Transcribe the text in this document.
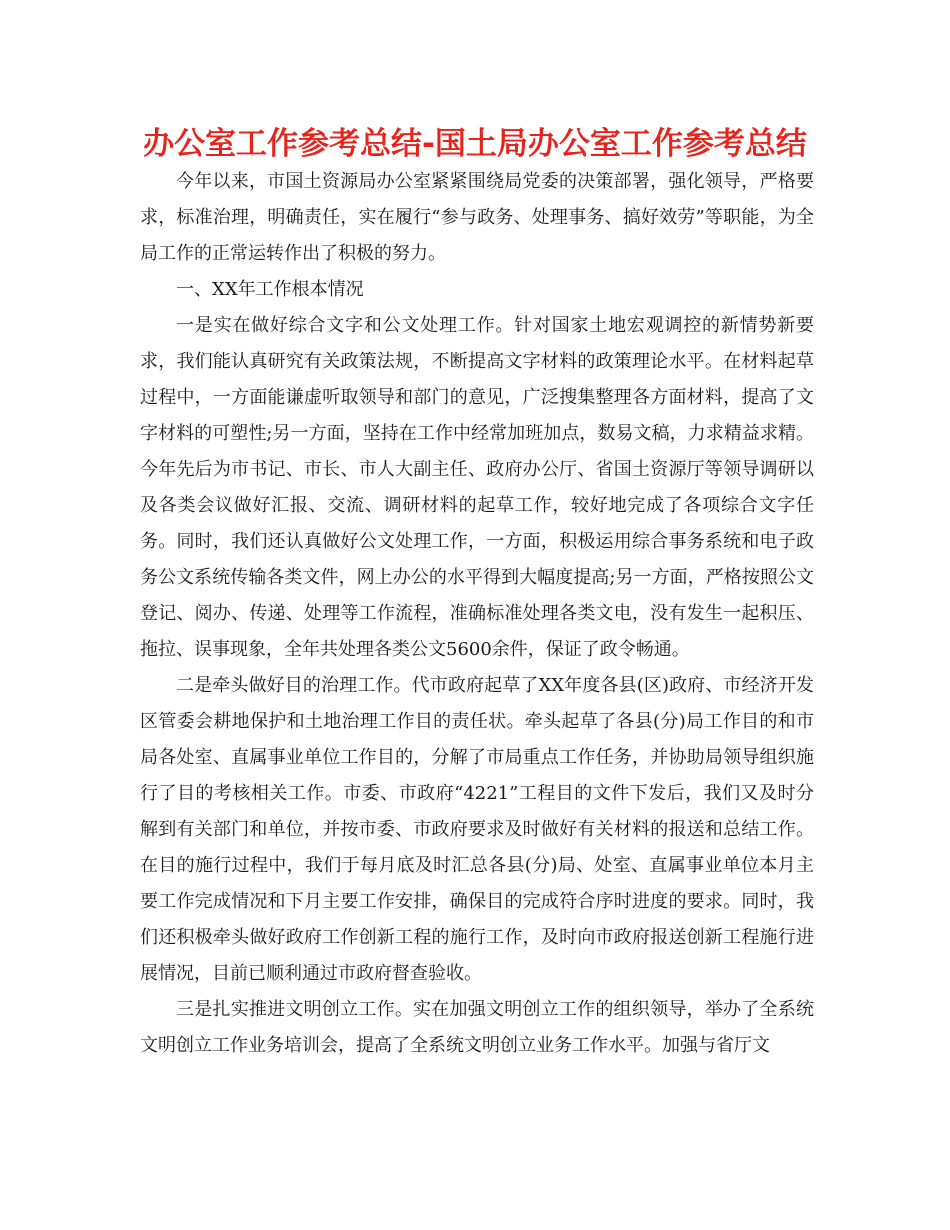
办公室工作参考总结-国土局办公室工作参考总结

今年以来，市国土资源局办公室紧紧围绕局党委的决策部署，强化领导，严格要求，标准治理，明确责任，实在履行“参与政务、处理事务、搞好效劳”等职能，为全局工作的正常运转作出了积极的努力。

一、XX年工作根本情况

一是实在做好综合文字和公文处理工作。针对国家土地宏观调控的新情势新要求，我们能认真研究有关政策法规，不断提高文字材料的政策理论水平。在材料起草过程中，一方面能谦虚听取领导和部门的意见，广泛搜集整理各方面材料，提高了文字材料的可塑性;另一方面，坚持在工作中经常加班加点，数易文稿，力求精益求精。今年先后为市书记、市长、市人大副主任、政府办公厅、省国土资源厅等领导调研以及各类会议做好汇报、交流、调研材料的起草工作，较好地完成了各项综合文字任务。同时，我们还认真做好公文处理工作，一方面，积极运用综合事务系统和电子政务公文系统传输各类文件，网上办公的水平得到大幅度提高;另一方面，严格按照公文登记、阅办、传递、处理等工作流程，准确标准处理各类文电，没有发生一起积压、拖拉、误事现象，全年共处理各类公文5600余件，保证了政令畅通。

二是牵头做好目的治理工作。代市政府起草了XX年度各县(区)政府、市经济开发区管委会耕地保护和土地治理工作目的责任状。牵头起草了各县(分)局工作目的和市局各处室、直属事业单位工作目的，分解了市局重点工作任务，并协助局领导组织施行了目的考核相关工作。市委、市政府“4221”工程目的文件下发后，我们又及时分解到有关部门和单位，并按市委、市政府要求及时做好有关材料的报送和总结工作。在目的施行过程中，我们于每月底及时汇总各县(分)局、处室、直属事业单位本月主要工作完成情况和下月主要工作安排，确保目的完成符合序时进度的要求。同时，我们还积极牵头做好政府工作创新工程的施行工作，及时向市政府报送创新工程施行进展情况，目前已顺利通过市政府督查验收。

三是扎实推进文明创立工作。实在加强文明创立工作的组织领导，举办了全系统文明创立工作业务培训会，提高了全系统文明创立业务工作水平。加强与省厅文
